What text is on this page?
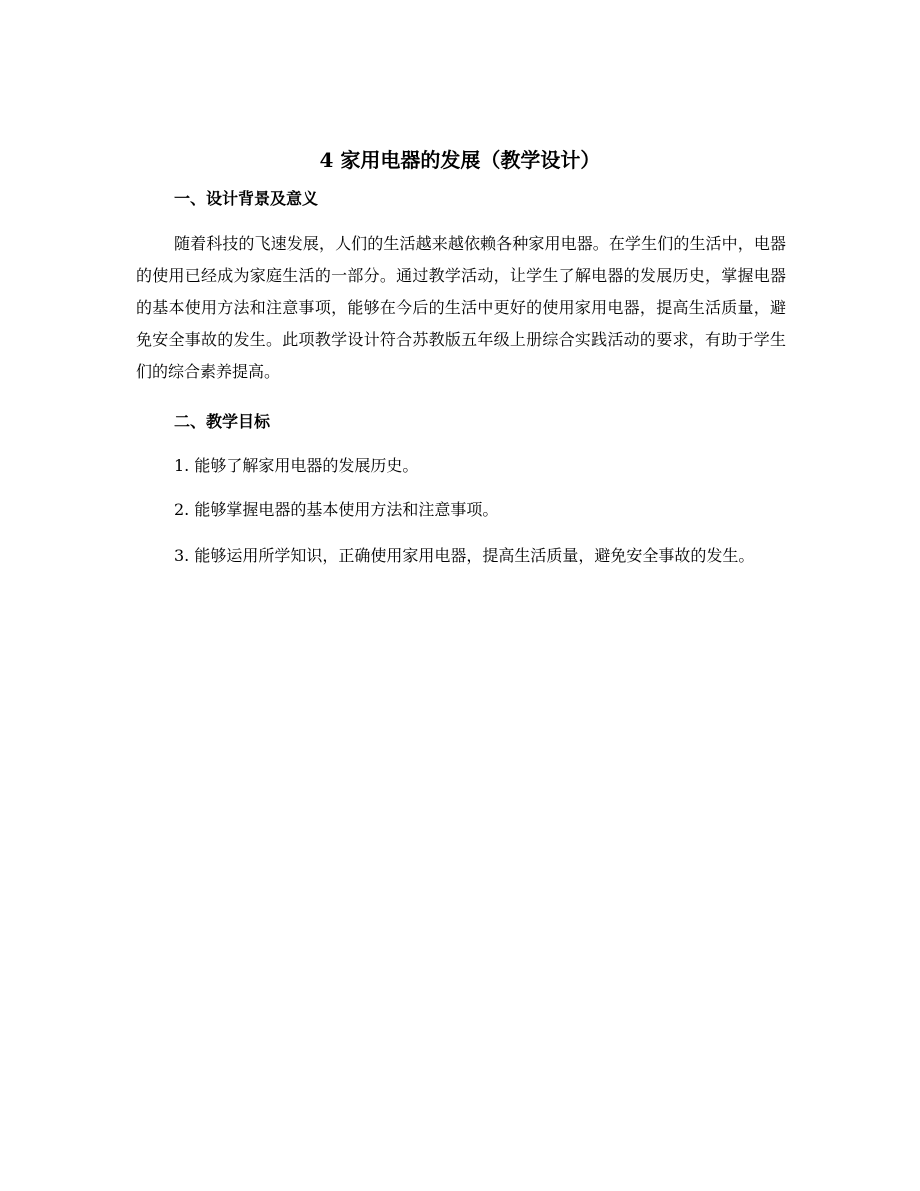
4 家用电器的发展（教学设计）
一、设计背景及意义

随着科技的飞速发展，人们的生活越来越依赖各种家用电器。在学生们的生活中，电器的使用已经成为家庭生活的一部分。通过教学活动，让学生了解电器的发展历史，掌握电器的基本使用方法和注意事项，能够在今后的生活中更好的使用家用电器，提高生活质量，避免安全事故的发生。此项教学设计符合苏教版五年级上册综合实践活动的要求，有助于学生们的综合素养提高。

二、教学目标

1. 能够了解家用电器的发展历史。

2. 能够掌握电器的基本使用方法和注意事项。

3. 能够运用所学知识，正确使用家用电器，提高生活质量，避免安全事故的发生。
